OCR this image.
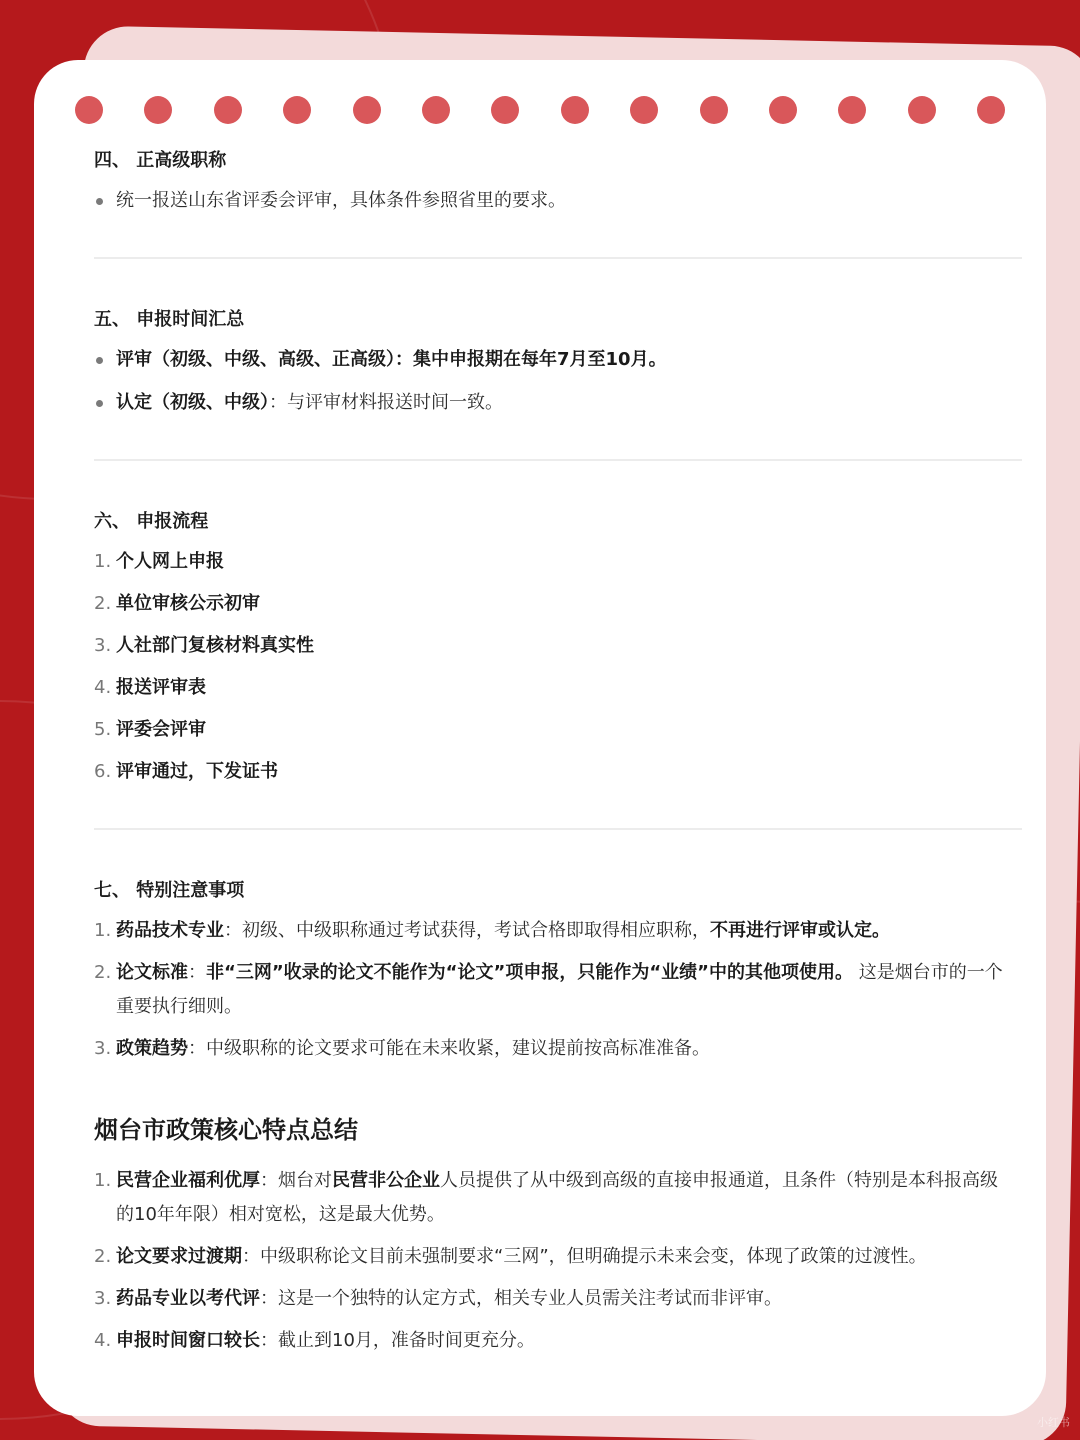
四、 正高级职称
统一报送山东省评委会评审，具体条件参照省里的要求。
五、 申报时间汇总
评审（初级、中级、高级、正高级）：集中申报期在每年7月至10月。
认定（初级、中级）：与评审材料报送时间一致。
六、 申报流程
1. 个人网上申报
2. 单位审核公示初审
3. 人社部门复核材料真实性
4. 报送评审表
5. 评委会评审
6. 评审通过，下发证书
七、 特别注意事项
1. 药品技术专业：初级、中级职称通过考试获得，考试合格即取得相应职称，不再进行评审或认定。
2. 论文标准：非“三网”收录的论文不能作为“论文”项申报，只能作为“业绩”中的其他项使用。 这是烟台市的一个重要执行细则。
3. 政策趋势：中级职称的论文要求可能在未来收紧，建议提前按高标准准备。
烟台市政策核心特点总结
1. 民营企业福利优厚：烟台对民营非公企业人员提供了从中级到高级的直接申报通道，且条件（特别是本科报高级的10年年限）相对宽松，这是最大优势。
2. 论文要求过渡期：中级职称论文目前未强制要求“三网”，但明确提示未来会变，体现了政策的过渡性。
3. 药品专业以考代评：这是一个独特的认定方式，相关专业人员需关注考试而非评审。
4. 申报时间窗口较长：截止到10月，准备时间更充分。
小红书
